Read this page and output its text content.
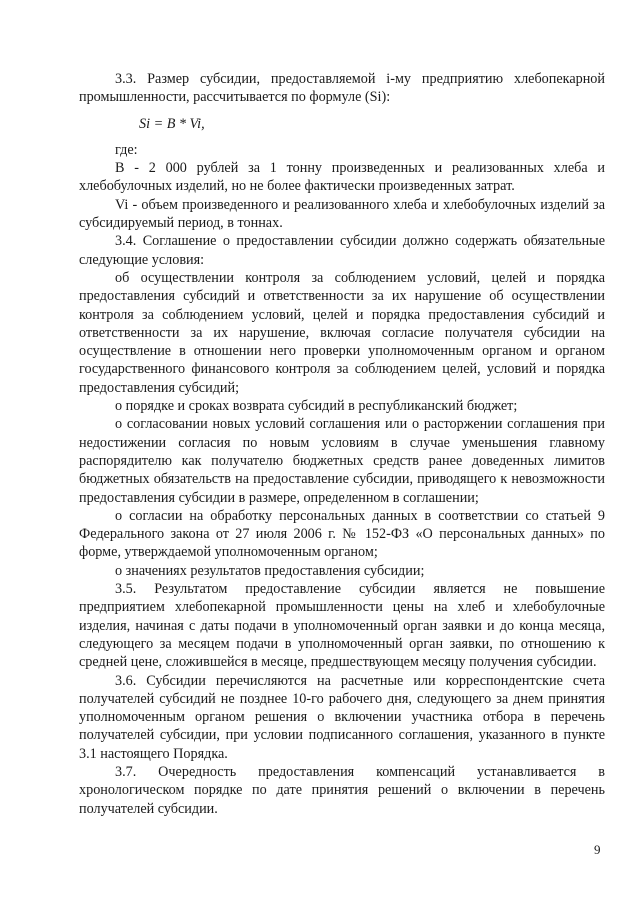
3.3. Размер субсидии, предоставляемой i-му предприятию хлебопекарной промышленности, рассчитывается по формуле (Si):

Si = B * Vi,

где:

В - 2 000 рублей за 1 тонну произведенных и реализованных хлеба и хлебобулочных изделий, но не более фактически произведенных затрат.

Vi - объем произведенного и реализованного хлеба и хлебобулочных изделий за субсидируемый период, в тоннах.

3.4. Соглашение о предоставлении субсидии должно содержать обязательные следующие условия:

об осуществлении контроля за соблюдением условий, целей и порядка предоставления субсидий и ответственности за их нарушение об осуществлении контроля за соблюдением условий, целей и порядка предоставления субсидий и ответственности за их нарушение, включая согласие получателя субсидии на осуществление в отношении него проверки уполномоченным органом и органом государственного финансового контроля за соблюдением целей, условий и порядка предоставления субсидий;

о порядке и сроках возврата субсидий в республиканский бюджет;

о согласовании новых условий соглашения или о расторжении соглашения при недостижении согласия по новым условиям в случае уменьшения главному распорядителю как получателю бюджетных средств ранее доведенных лимитов бюджетных обязательств на предоставление субсидии, приводящего к невозможности предоставления субсидии в размере, определенном в соглашении;

о согласии на обработку персональных данных в соответствии со статьей 9 Федерального закона от 27 июля 2006 г. № 152-ФЗ «О персональных данных» по форме, утверждаемой уполномоченным органом;

о значениях результатов предоставления субсидии;

3.5. Результатом предоставление субсидии является не повышение предприятием хлебопекарной промышленности цены на хлеб и хлебобулочные изделия, начиная с даты подачи в уполномоченный орган заявки и до конца месяца, следующего за месяцем подачи в уполномоченный орган заявки, по отношению к средней цене, сложившейся в месяце, предшествующем месяцу получения субсидии.

3.6. Субсидии перечисляются на расчетные или корреспондентские счета получателей субсидий не позднее 10-го рабочего дня, следующего за днем принятия уполномоченным органом решения о включении участника отбора в перечень получателей субсидии, при условии подписанного соглашения, указанного в пункте 3.1 настоящего Порядка.

3.7. Очередность предоставления компенсаций устанавливается в хронологическом порядке по дате принятия решений о включении в перечень получателей субсидии.

9
